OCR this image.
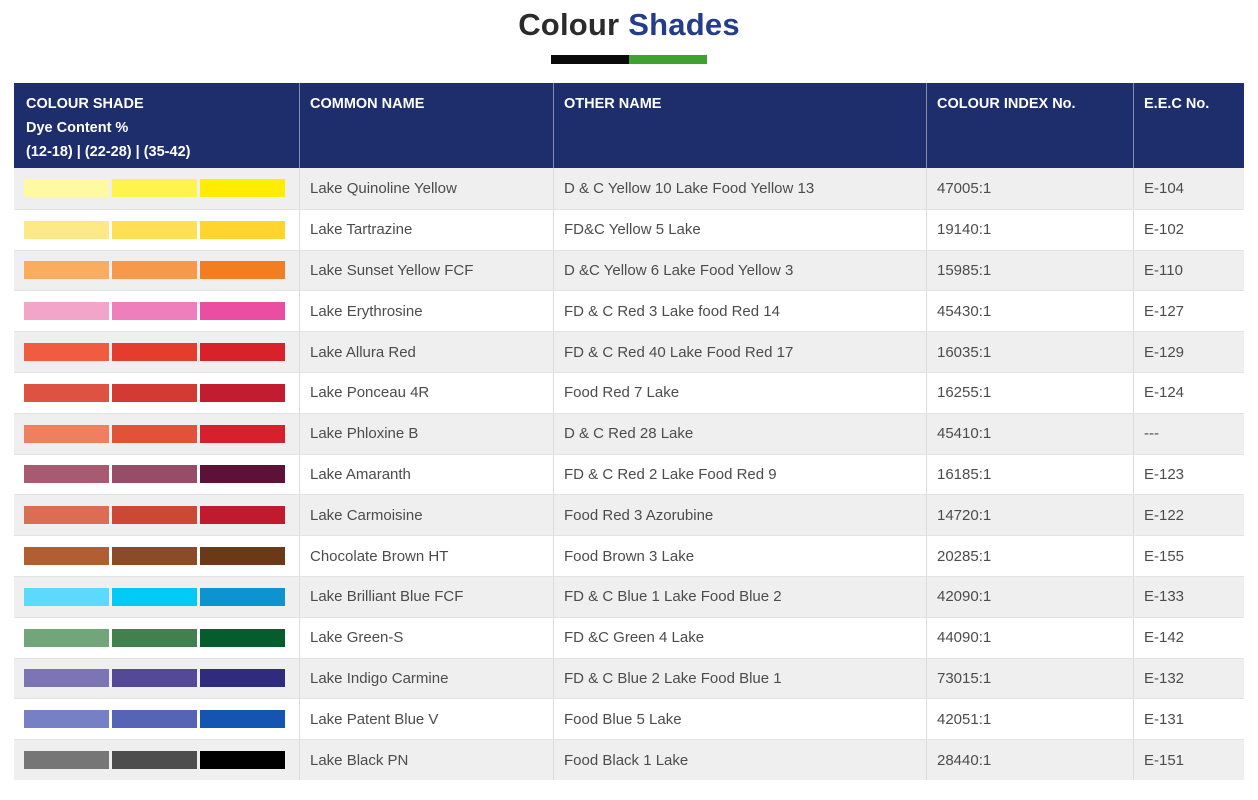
Colour Shades
COLOUR SHADE
Dye Content %
(12-18) | (22-28) | (35-42)
COMMON NAME	OTHER NAME	COLOUR INDEX No.	E.E.C No.
Lake Quinoline Yellow	D & C Yellow 10 Lake Food Yellow 13	47005:1	E-104
Lake Tartrazine	FD&C Yellow 5 Lake	19140:1	E-102
Lake Sunset Yellow FCF	D &C Yellow 6 Lake Food Yellow 3	15985:1	E-110
Lake Erythrosine	FD & C Red 3 Lake food Red 14	45430:1	E-127
Lake Allura Red	FD & C Red 40 Lake Food Red 17	16035:1	E-129
Lake Ponceau 4R	Food Red 7 Lake	16255:1	E-124
Lake Phloxine B	D & C Red 28 Lake	45410:1	---
Lake Amaranth	FD & C Red 2 Lake Food Red 9	16185:1	E-123
Lake Carmoisine	Food Red 3 Azorubine	14720:1	E-122
Chocolate Brown HT	Food Brown 3 Lake	20285:1	E-155
Lake Brilliant Blue FCF	FD & C Blue 1 Lake Food Blue 2	42090:1	E-133
Lake Green-S	FD &C Green 4 Lake	44090:1	E-142
Lake Indigo Carmine	FD & C Blue 2 Lake Food Blue 1	73015:1	E-132
Lake Patent Blue V	Food Blue 5 Lake	42051:1	E-131
Lake Black PN	Food Black 1 Lake	28440:1	E-151
